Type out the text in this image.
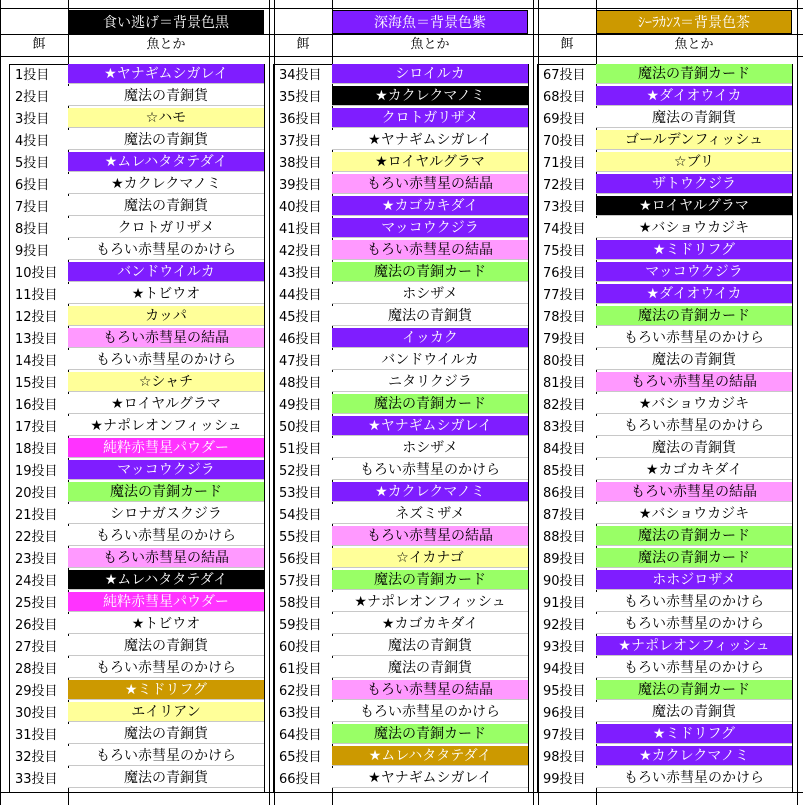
食い逃げ＝背景色黒	深海魚＝背景色紫	ｼｰﾗｶﾝｽ＝背景色茶
餌	魚とか	餌	魚とか	餌	魚とか
1投目	★ヤナギムシガレイ
2投目	魔法の青銅貨
3投目	☆ハモ
4投目	魔法の青銅貨
5投目	★ムレハタタテダイ
6投目	★カクレクマノミ
7投目	魔法の青銅貨
8投目	クロトガリザメ
9投目	もろい赤彗星のかけら
10投目	バンドウイルカ
11投目	★トビウオ
12投目	カッパ
13投目	もろい赤彗星の結晶
14投目	もろい赤彗星のかけら
15投目	☆シャチ
16投目	★ロイヤルグラマ
17投目	★ナポレオンフィッシュ
18投目	純粋赤彗星パウダー
19投目	マッコウクジラ
20投目	魔法の青銅カード
21投目	シロナガスクジラ
22投目	もろい赤彗星のかけら
23投目	もろい赤彗星の結晶
24投目	★ムレハタタテダイ
25投目	純粋赤彗星パウダー
26投目	★トビウオ
27投目	魔法の青銅貨
28投目	もろい赤彗星のかけら
29投目	★ミドリフグ
30投目	エイリアン
31投目	魔法の青銅貨
32投目	もろい赤彗星のかけら
33投目	魔法の青銅貨
34投目	シロイルカ
35投目	★カクレクマノミ
36投目	クロトガリザメ
37投目	★ヤナギムシガレイ
38投目	★ロイヤルグラマ
39投目	もろい赤彗星の結晶
40投目	★カゴカキダイ
41投目	マッコウクジラ
42投目	もろい赤彗星の結晶
43投目	魔法の青銅カード
44投目	ホシザメ
45投目	魔法の青銅貨
46投目	イッカク
47投目	バンドウイルカ
48投目	ニタリクジラ
49投目	魔法の青銅カード
50投目	★ヤナギムシガレイ
51投目	ホシザメ
52投目	もろい赤彗星のかけら
53投目	★カクレクマノミ
54投目	ネズミザメ
55投目	もろい赤彗星の結晶
56投目	☆イカナゴ
57投目	魔法の青銅カード
58投目	★ナポレオンフィッシュ
59投目	★カゴカキダイ
60投目	魔法の青銅貨
61投目	魔法の青銅貨
62投目	もろい赤彗星の結晶
63投目	もろい赤彗星のかけら
64投目	魔法の青銅カード
65投目	★ムレハタタテダイ
66投目	★ヤナギムシガレイ
67投目	魔法の青銅カード
68投目	★ダイオウイカ
69投目	魔法の青銅貨
70投目	ゴールデンフィッシュ
71投目	☆ブリ
72投目	ザトウクジラ
73投目	★ロイヤルグラマ
74投目	★バショウカジキ
75投目	★ミドリフグ
76投目	マッコウクジラ
77投目	★ダイオウイカ
78投目	魔法の青銅カード
79投目	もろい赤彗星のかけら
80投目	魔法の青銅貨
81投目	もろい赤彗星の結晶
82投目	★バショウカジキ
83投目	もろい赤彗星のかけら
84投目	魔法の青銅貨
85投目	★カゴカキダイ
86投目	もろい赤彗星の結晶
87投目	★バショウカジキ
88投目	魔法の青銅カード
89投目	魔法の青銅カード
90投目	ホホジロザメ
91投目	もろい赤彗星のかけら
92投目	もろい赤彗星のかけら
93投目	★ナポレオンフィッシュ
94投目	もろい赤彗星のかけら
95投目	魔法の青銅カード
96投目	魔法の青銅貨
97投目	★ミドリフグ
98投目	★カクレクマノミ
99投目	もろい赤彗星のかけら
